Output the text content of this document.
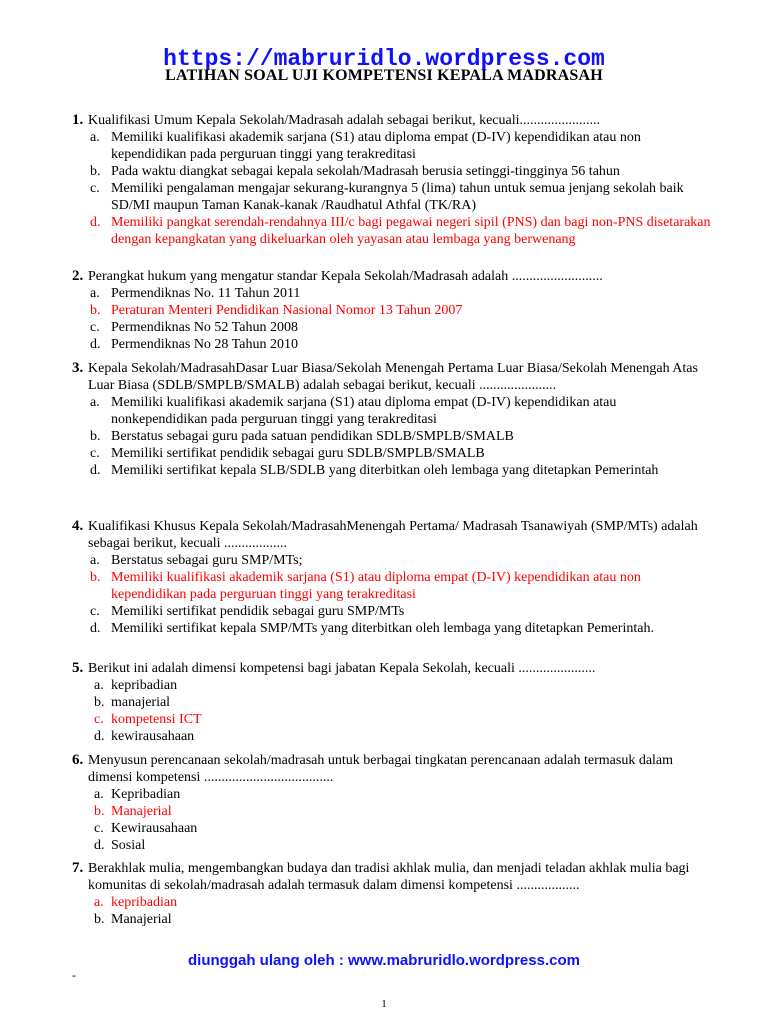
https://mabruridlo.wordpress.com
LATIHAN SOAL UJI KOMPETENSI KEPALA MADRASAH
1. Kualifikasi Umum Kepala Sekolah/Madrasah adalah sebagai berikut, kecuali.......................
a. Memiliki kualifikasi akademik sarjana (S1) atau diploma empat (D-IV) kependidikan atau non kependidikan pada perguruan tinggi yang terakreditasi
b. Pada waktu diangkat sebagai kepala sekolah/Madrasah berusia setinggi-tingginya 56 tahun
c. Memiliki pengalaman mengajar sekurang-kurangnya 5 (lima) tahun untuk semua jenjang sekolah baik SD/MI maupun Taman Kanak-kanak /Raudhatul Athfal (TK/RA)
d. Memiliki pangkat serendah-rendahnya III/c bagi pegawai negeri sipil (PNS) dan bagi non-PNS disetarakan dengan kepangkatan yang dikeluarkan oleh yayasan atau lembaga yang berwenang
2. Perangkat hukum yang mengatur standar Kepala Sekolah/Madrasah adalah ..........................
a. Permendiknas No. 11 Tahun 2011
b. Peraturan Menteri Pendidikan Nasional Nomor 13 Tahun 2007
c. Permendiknas No 52 Tahun 2008
d. Permendiknas No 28 Tahun 2010
3. Kepala Sekolah/MadrasahDasar Luar Biasa/Sekolah Menengah Pertama Luar Biasa/Sekolah Menengah Atas Luar Biasa (SDLB/SMPLB/SMALB) adalah sebagai berikut, kecuali ......................
a. Memiliki kualifikasi akademik sarjana (S1) atau diploma empat (D-IV) kependidikan atau nonkependidikan pada perguruan tinggi yang terakreditasi
b. Berstatus sebagai guru pada satuan pendidikan SDLB/SMPLB/SMALB
c. Memiliki sertifikat pendidik sebagai guru SDLB/SMPLB/SMALB
d. Memiliki sertifikat kepala SLB/SDLB yang diterbitkan oleh lembaga yang ditetapkan Pemerintah
4. Kualifikasi Khusus Kepala Sekolah/MadrasahMenengah Pertama/ Madrasah Tsanawiyah (SMP/MTs) adalah sebagai berikut, kecuali ..................
a. Berstatus sebagai guru SMP/MTs;
b. Memiliki kualifikasi akademik sarjana (S1) atau diploma empat (D-IV) kependidikan atau non kependidikan pada perguruan tinggi yang terakreditasi
c. Memiliki sertifikat pendidik sebagai guru SMP/MTs
d. Memiliki sertifikat kepala SMP/MTs yang diterbitkan oleh lembaga yang ditetapkan Pemerintah.
5. Berikut ini adalah dimensi kompetensi bagi jabatan Kepala Sekolah, kecuali ......................
a. kepribadian
b. manajerial
c. kompetensi ICT
d. kewirausahaan
6. Menyusun perencanaan sekolah/madrasah untuk berbagai tingkatan perencanaan adalah termasuk dalam dimensi kompetensi .....................................
a. Kepribadian
b. Manajerial
c. Kewirausahaan
d. Sosial
7. Berakhlak mulia, mengembangkan budaya dan tradisi akhlak mulia, dan menjadi teladan akhlak mulia bagi komunitas di sekolah/madrasah adalah termasuk dalam dimensi kompetensi ..................
a. kepribadian
b. Manajerial
diunggah ulang oleh : www.mabruridlo.wordpress.com
-
1
